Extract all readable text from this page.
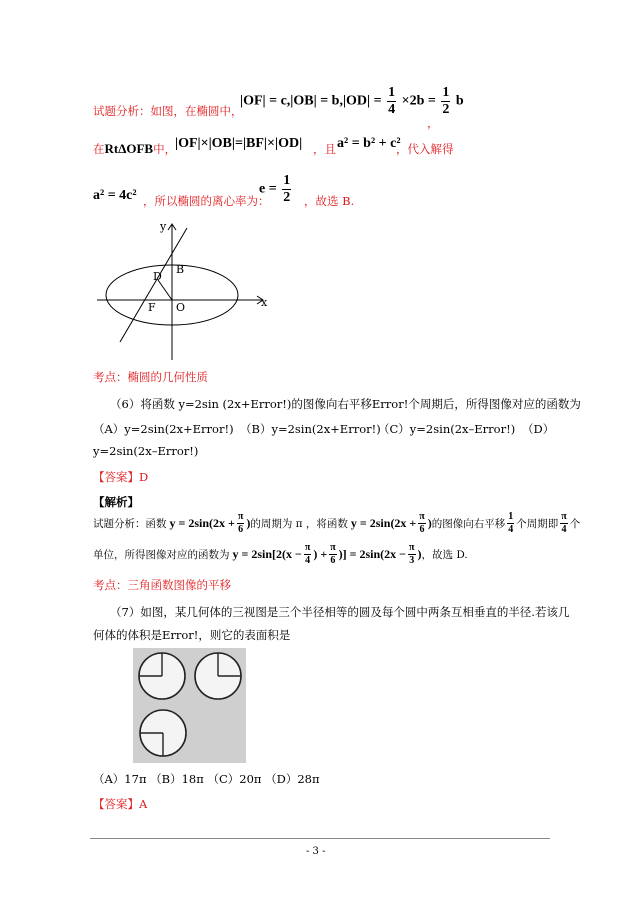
试题分析：如图，在椭圆中，
$|OF| = c,|OB| = b,|OD| = \frac{1}{4} \times 2b = \frac{1}{2}$ b
，
在RtΔOFB中，
|OF|×|OB|=|BF|×|OD| ，且 a² = b² + c²
，代入解得
a² = 4c² ，所以椭圆的离心率为：
$e = \frac{1}{2}$ ，故选 B.
y
x
B
D
F O
考点：椭圆的几何性质
（6）将函数 y=2sin (2x+Error!)的图像向右平移Error!个周期后，所得图像对应的函数为
（A）y=2sin(2x+Error!) （B）y=2sin(2x+Error!)
（C）y=2sin(2x–Error!) （D）
y=2sin(2x–Error!)
【答案】D
【解析】
试题分析：函数 $y = 2\sin(2x + \frac{\pi}{6}$ ) 的周期为 π ，将函数 $y = 2\sin(2x + \frac{\pi}{6}$ ) 的图像向右平移 $\frac{1}{4}$ 个周期即 $\frac{\pi}{4}$ 个
单位，所得图像对应的函数为 $y = 2\sin[2(x - \frac{\pi}{4}$ ) + $\frac{\pi}{6}$ )] = $2\sin(2x - \frac{\pi}{3}$ ) ，故选 D.
考点：三角函数图像的平移
（7）如图，某几何体的三视图是三个半径相等的圆及每个圆中两条互相垂直的半径.若该几
何体的体积是Error!，则它的表面积是
（A）17π （B）18π （C）20π （D）28π
【答案】A
- 3 -
